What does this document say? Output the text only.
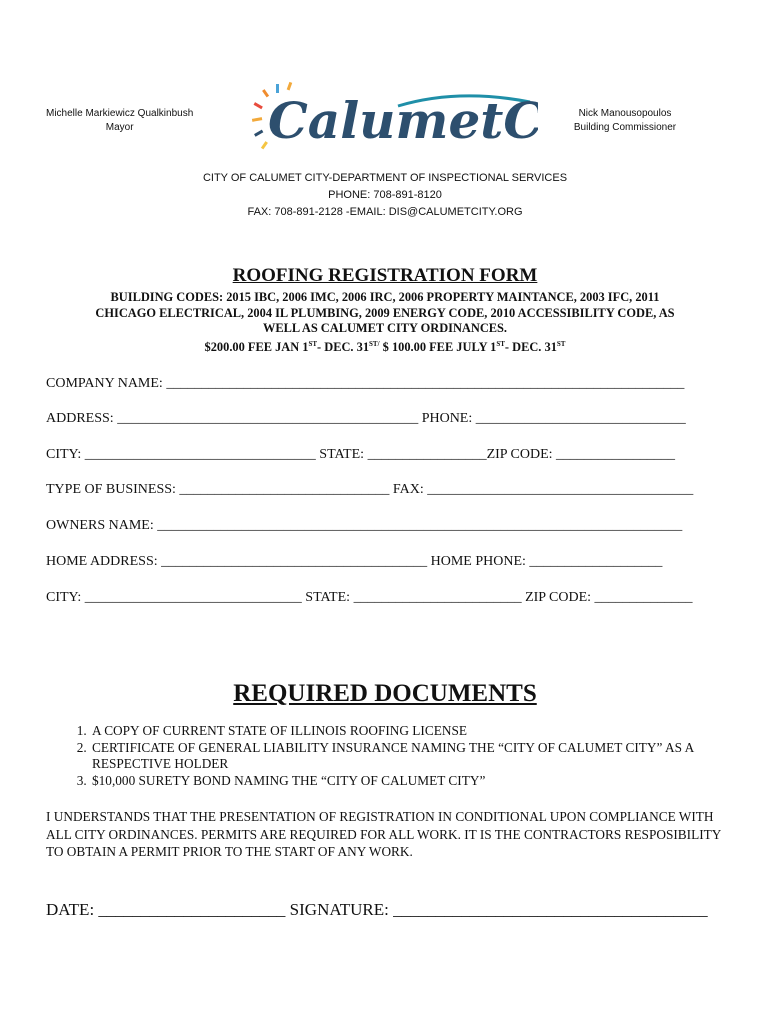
Michelle Markiewicz Qualkinbush
Mayor	CalumetC	Nick Manousopoulos
Building Commissioner
CITY OF CALUMET CITY-DEPARTMENT OF INSPECTIONAL SERVICES
PHONE: 708-891-8120
FAX: 708-891-2128 -EMAIL: DIS@CALUMETCITY.ORG
ROOFING REGISTRATION FORM
BUILDING CODES: 2015 IBC, 2006 IMC, 2006 IRC, 2006 PROPERTY MAINTANCE, 2003 IFC, 2011
CHICAGO ELECTRICAL, 2004 IL PLUMBING, 2009 ENERGY CODE, 2010 ACCESSIBILITY CODE, AS
WELL AS CALUMET CITY ORDINANCES.
$200.00 FEE JAN 1ST- DEC. $31^{ST/}$ $ 100.00 FEE JULY 1ST- DEC. 31ST
COMPANY NAME: __________________________________________________________________________
ADDRESS: ___________________________________________ PHONE: ______________________________
CITY: _________________________________ STATE: _________________ZIP CODE: _________________
TYPE OF BUSINESS: ______________________________ FAX: ______________________________________
OWNERS NAME: ___________________________________________________________________________
HOME ADDRESS: ______________________________________ HOME PHONE: ___________________
CITY: _______________________________ STATE: ________________________ ZIP CODE: ______________
REQUIRED DOCUMENTS
1. A COPY OF CURRENT STATE OF ILLINOIS ROOFING LICENSE
2. CERTIFICATE OF GENERAL LIABILITY INSURANCE NAMING THE “CITY OF CALUMET CITY” AS A RESPECTIVE HOLDER
3. $10,000 SURETY BOND NAMING THE “CITY OF CALUMET CITY”
I UNDERSTANDS THAT THE PRESENTATION OF REGISTRATION IN CONDITIONAL UPON COMPLIANCE WITH ALL CITY ORDINANCES. PERMITS ARE REQUIRED FOR ALL WORK. IT IS THE CONTRACTORS RESPOSIBILITY TO OBTAIN A PERMIT PRIOR TO THE START OF ANY WORK.
DATE: ______________________ SIGNATURE: _____________________________________
